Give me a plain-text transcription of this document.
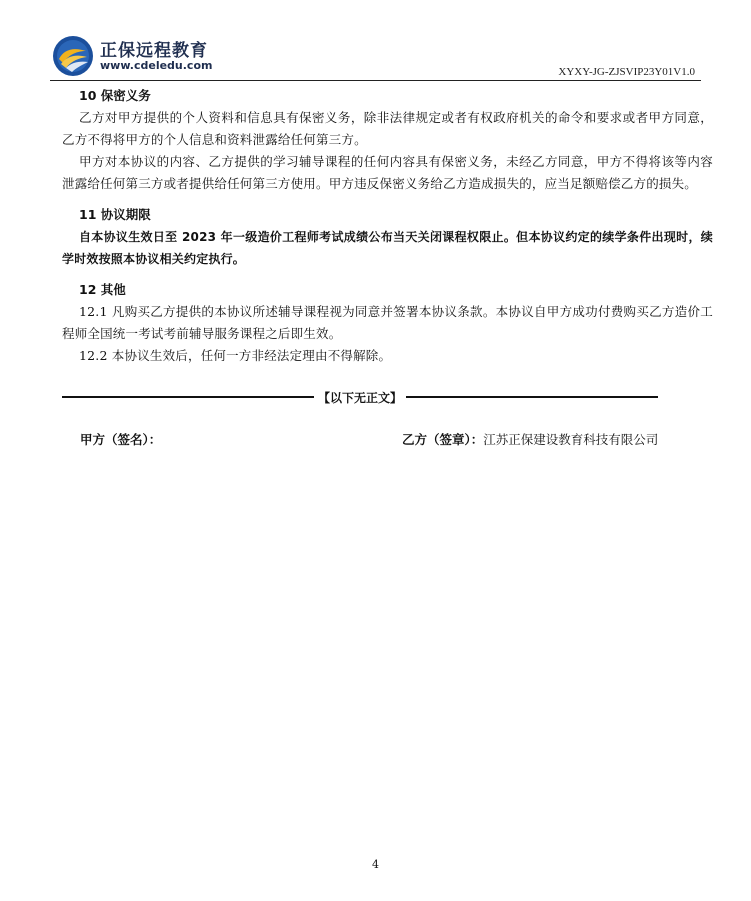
正保远程教育
www.cdeledu.com	XYXY-JG-ZJSVIP23Y01V1.0

10 保密义务

乙方对甲方提供的个人资料和信息具有保密义务，除非法律规定或者有权政府机关的命令和要求或者甲方同意，乙方不得将甲方的个人信息和资料泄露给任何第三方。

甲方对本协议的内容、乙方提供的学习辅导课程的任何内容具有保密义务，未经乙方同意，甲方不得将该等内容泄露给任何第三方或者提供给任何第三方使用。甲方违反保密义务给乙方造成损失的，应当足额赔偿乙方的损失。

11 协议期限

自本协议生效日至 2023 年一级造价工程师考试成绩公布当天关闭课程权限止。但本协议约定的续学条件出现时，续学时效按照本协议相关约定执行。

12 其他

12.1 凡购买乙方提供的本协议所述辅导课程视为同意并签署本协议条款。本协议自甲方成功付费购买乙方造价工程师全国统一考试考前辅导服务课程之后即生效。

12.2 本协议生效后，任何一方非经法定理由不得解除。

【以下无正文】
甲方（签名）：	乙方（签章）：江苏正保建设教育科技有限公司
4
